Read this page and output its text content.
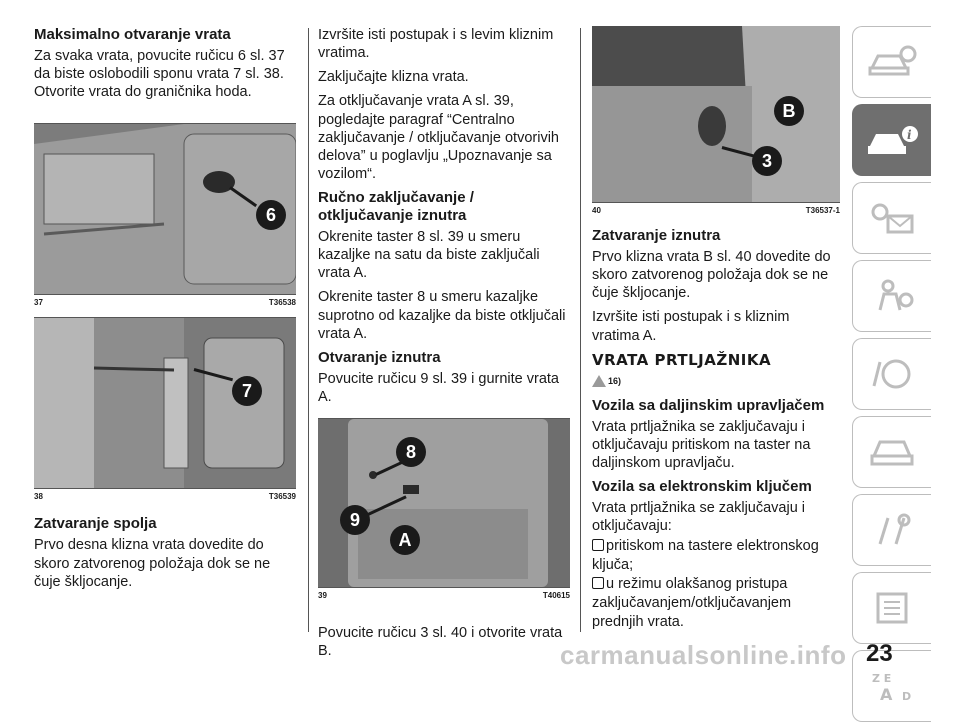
Maksimalno otvaranje vrata

Za svaka vrata, povucite ručicu 6 sl. 37 da biste oslobodili sponu vrata 7 sl. 38. Otvorite vrata do graničnika hoda.

6
37	T36538
7
38	T36539
Zatvaranje spolja

Prvo desna klizna vrata dovedite do skoro zatvorenog položaja dok se ne čuje škljocanje.

Izvršite isti postupak i s levim kliznim vratima.

Zaključajte klizna vrata.

Za otključavanje vrata A sl. 39, pogledajte paragraf “Centralno zaključavanje / otključavanje otvorivih delova” u poglavlju „Upoznavanje sa vozilom“.

Ručno zaključavanje / otključavanje iznutra

Okrenite taster 8 sl. 39 u smeru kazaljke na satu da biste zaključali vrata A.

Okrenite taster 8 u smeru kazaljke suprotno od kazaljke da biste otključali vrata A.

Otvaranje iznutra

Povucite ručicu 9 sl. 39 i gurnite vrata A.

8
9
A
39	T40615

Povucite ručicu 3 sl. 40 i otvorite vrata B.

B
3
40	T36537-1
Zatvaranje iznutra

Prvo klizna vrata B sl. 40 dovedite do skoro zatvorenog položaja dok se ne čuje škljocanje.

Izvršite isti postupak i s kliznim vratima A.

VRATA PRTLJAŽNIKA
16)
Vozila sa daljinskim upravljačem

Vrata prtljažnika se zaključavaju i otključavaju pritiskom na taster na daljinskom upravljaču.

Vozila sa elektronskim ključem

Vrata prtljažnika se zaključavaju i otključavaju:

pritiskom na tastere elektronskog ključa;
u režimu olakšanog pristupa zaključavanjem/otključavanjem prednjih vrata.
i
Z E
A D
23
carmanualsonline.info
